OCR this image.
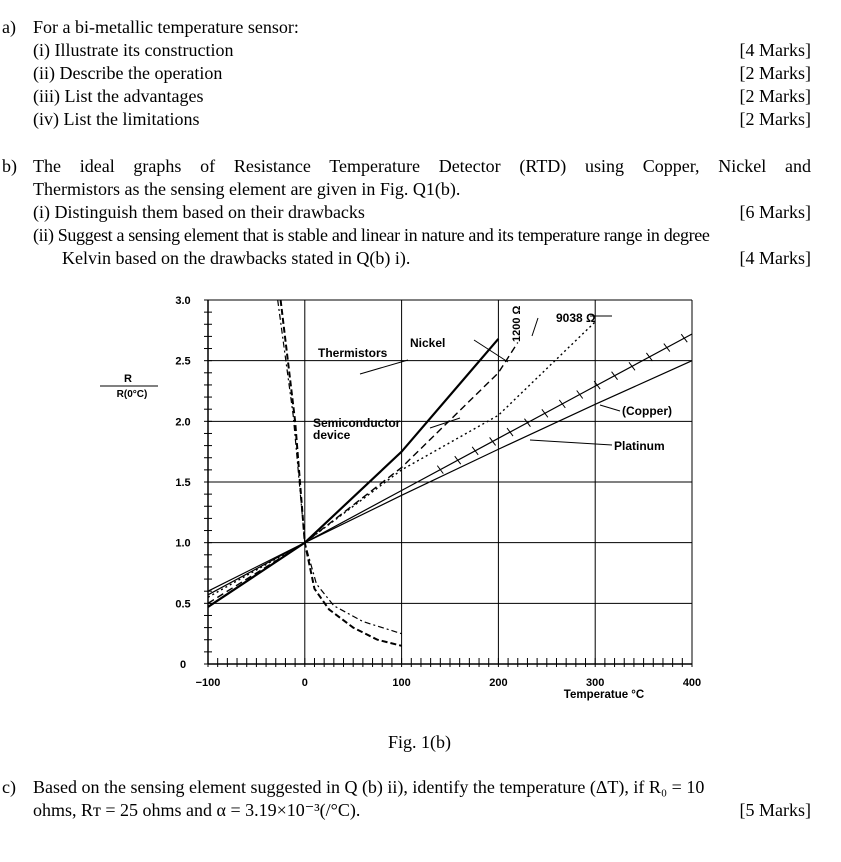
a) For a bi-metallic temperature sensor:
(i) Illustrate its construction	[4 Marks]
(ii) Describe the operation	[2 Marks]
(iii) List the advantages	[2 Marks]
(iv) List the limitations	[2 Marks]
b) The ideal graphs of Resistance Temperature Detector (RTD) using Copper, Nickel and
Thermistors as the sensing element are given in Fig. Q1(b).
(i) Distinguish them based on their drawbacks	[6 Marks]
(ii) Suggest a sensing element that is stable and linear in nature and its temperature range in degree
Kelvin based on the drawbacks stated in Q(b) i).	[4 Marks]
0
0.5
1.0
1.5
2.0
2.5
3.0
−100	0	100	200	300	400
R
R(0°C)
Temperatue °C
Thermistors
Nickel
1200 Ω	9038 Ω
Semiconductor
device
(Copper)
Platinum
Fig. 1(b)
c) Based on the sensing element suggested in Q (b) ii), identify the temperature (ΔT), if R₀ = 10
ohms, Rᴛ = 25 ohms and α = 3.19×10⁻³(/°C).	[5 Marks]
